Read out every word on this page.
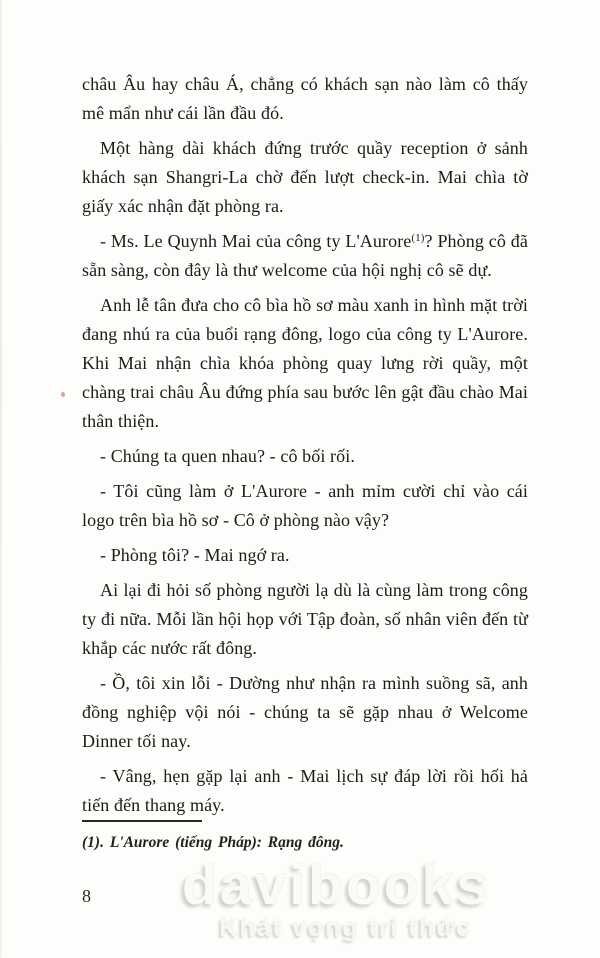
châu Âu hay châu Á, chẳng có khách sạn nào làm cô thấy mê mẩn như cái lần đầu đó.

Một hàng dài khách đứng trước quầy reception ở sảnh khách sạn Shangri-La chờ đến lượt check-in. Mai chìa tờ giấy xác nhận đặt phòng ra.

- Ms. Le Quynh Mai của công ty L'Aurore$^{(1)}$? Phòng cô đã sẵn sàng, còn đây là thư welcome của hội nghị cô sẽ dự.

Anh lễ tân đưa cho cô bìa hồ sơ màu xanh in hình mặt trời đang nhú ra của buổi rạng đông, logo của công ty L'Aurore. Khi Mai nhận chìa khóa phòng quay lưng rời quầy, một chàng trai châu Âu đứng phía sau bước lên gật đầu chào Mai thân thiện.

- Chúng ta quen nhau? - cô bối rối.

- Tôi cũng làm ở L'Aurore - anh mỉm cười chỉ vào cái logo trên bìa hồ sơ - Cô ở phòng nào vậy?

- Phòng tôi? - Mai ngớ ra.

Ai lại đi hỏi số phòng người lạ dù là cùng làm trong công ty đi nữa. Mỗi lần hội họp với Tập đoàn, số nhân viên đến từ khắp các nước rất đông.

- Ồ, tôi xin lỗi - Dường như nhận ra mình suồng sã, anh đồng nghiệp vội nói - chúng ta sẽ gặp nhau ở Welcome Dinner tối nay.

- Vâng, hẹn gặp lại anh - Mai lịch sự đáp lời rồi hối hả tiến đến thang máy.

(1). L'Aurore (tiếng Pháp): Rạng đông.
8 davibooks
Khát vọng tri thức
